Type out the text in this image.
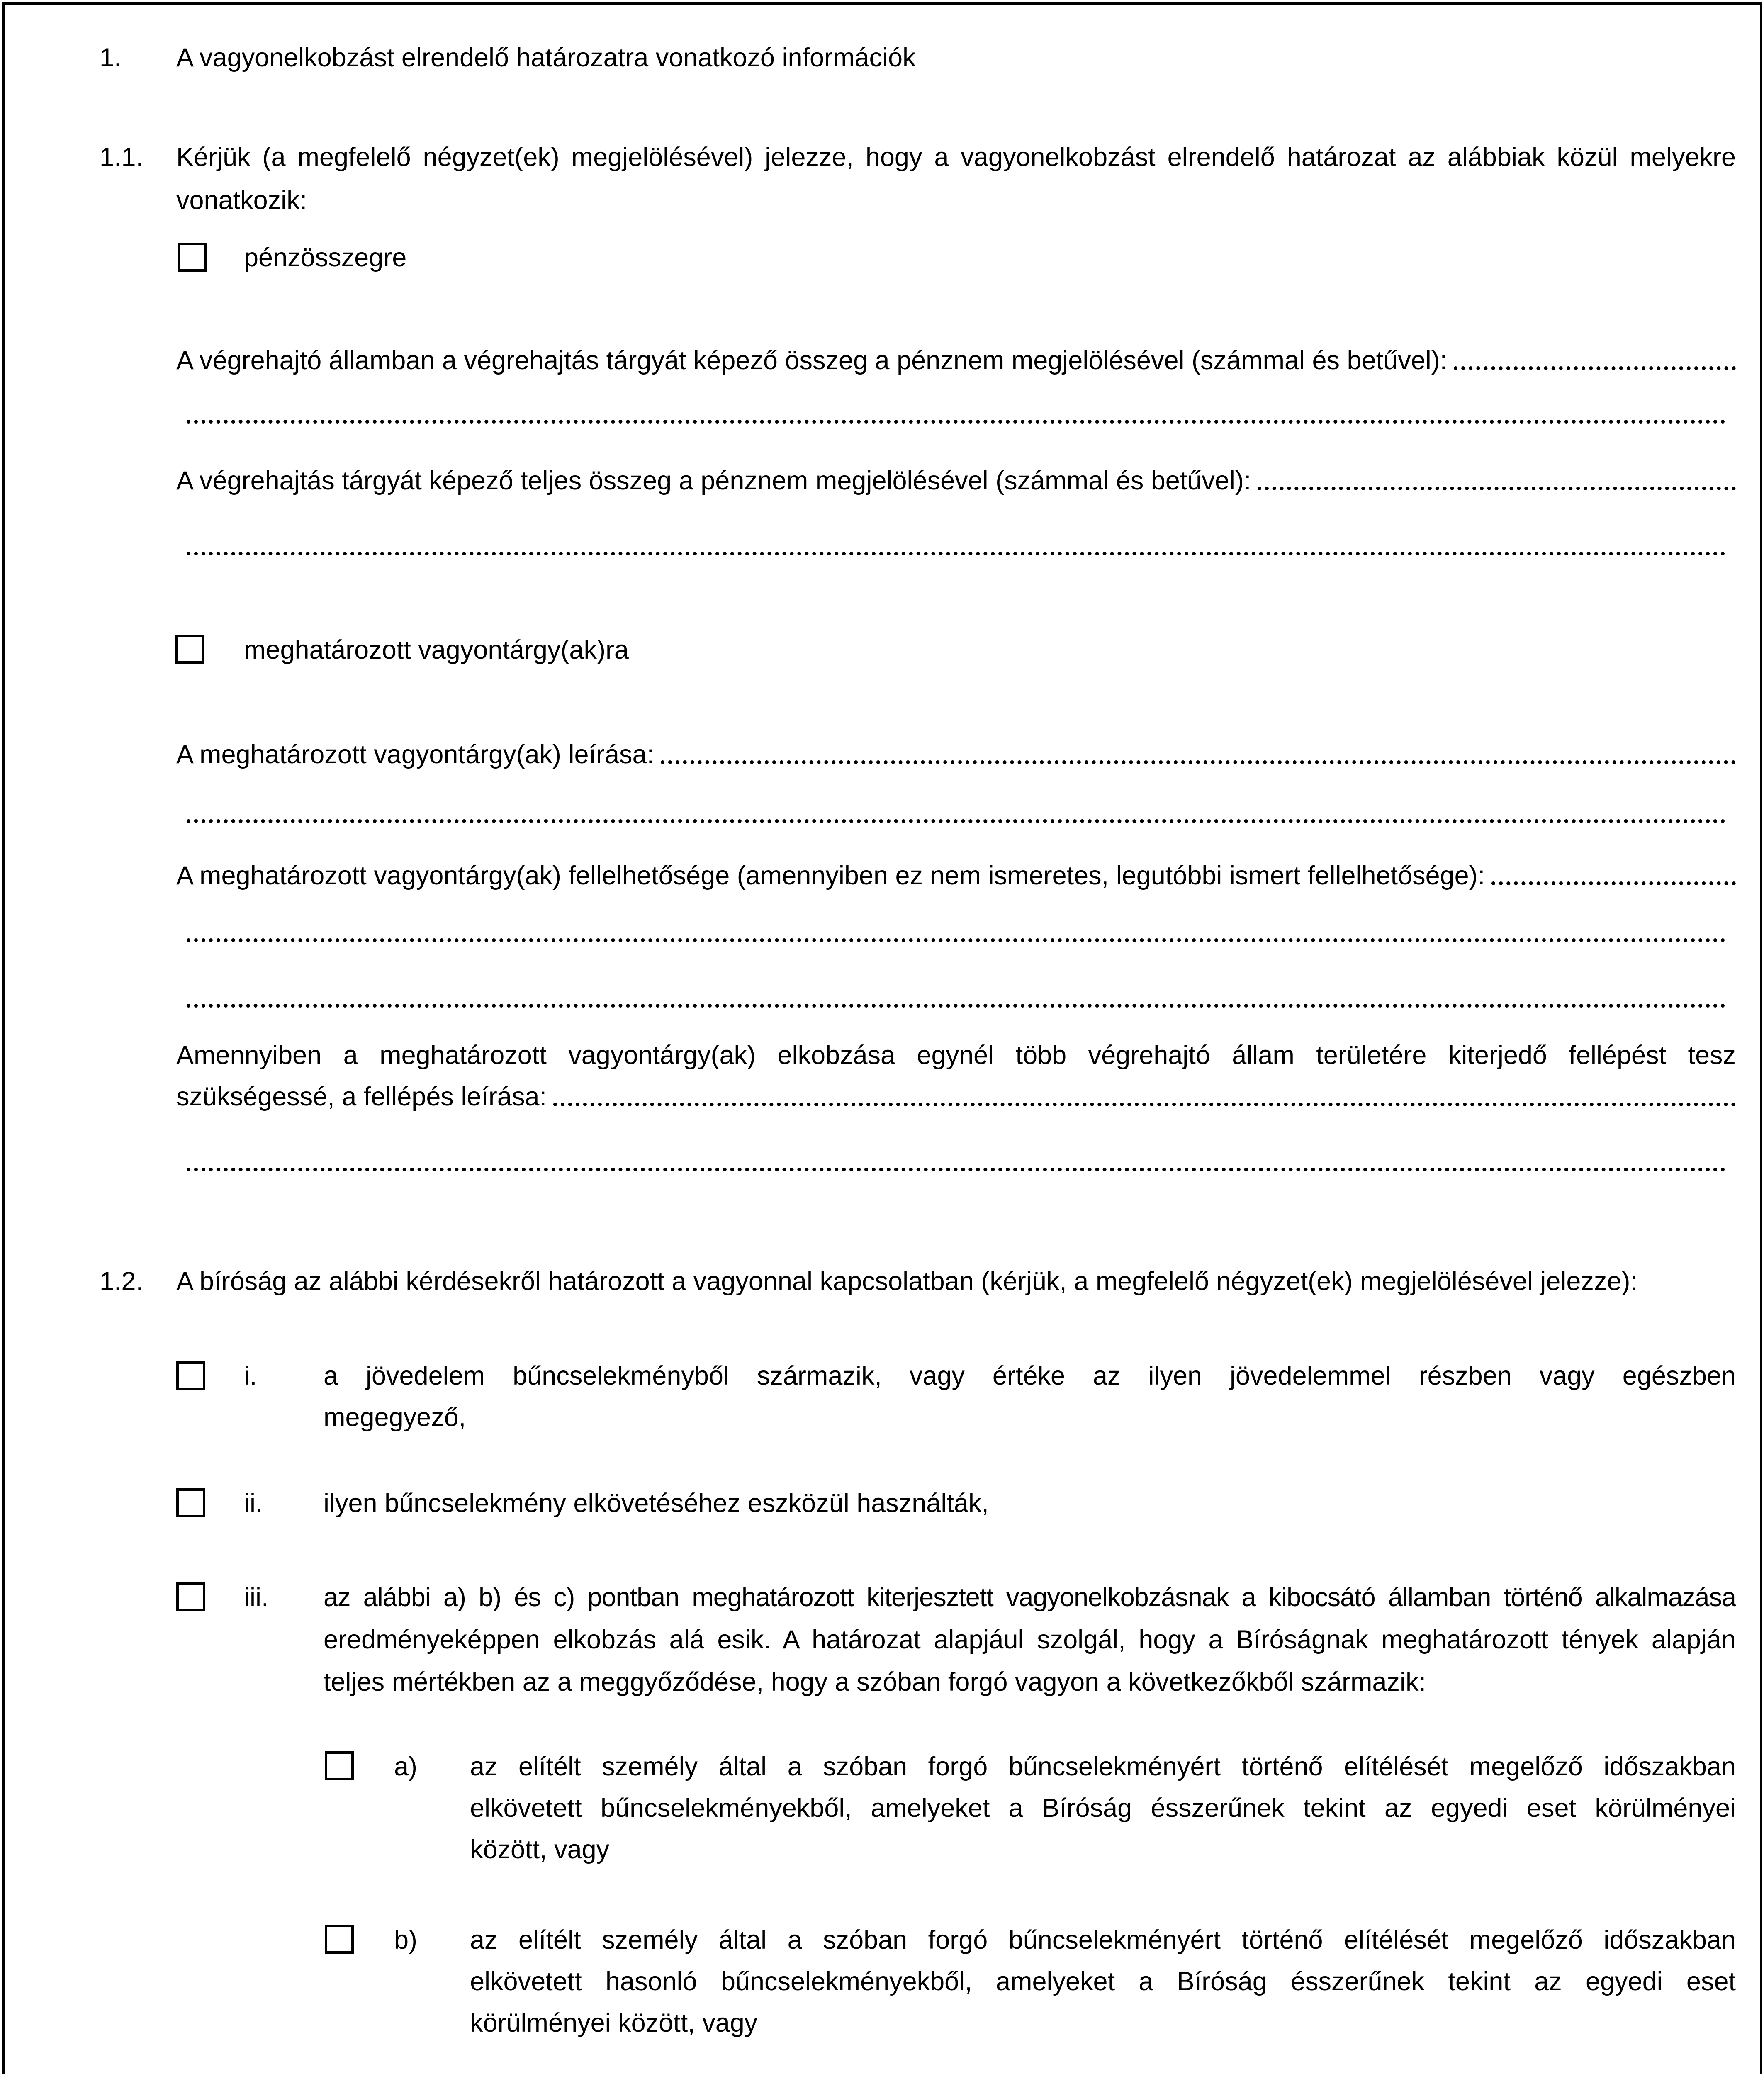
1. A vagyonelkobzást elrendelő határozatra vonatkozó információk
1.1. Kérjük (a megfelelő négyzet(ek) megjelölésével) jelezze, hogy a vagyonelkobzást elrendelő határozat az alábbiak közül melyekre
vonatkozik:
pénzösszegre
A végrehajtó államban a végrehajtás tárgyát képező összeg a pénznem megjelölésével (számmal és betűvel):
A végrehajtás tárgyát képező teljes összeg a pénznem megjelölésével (számmal és betűvel):
meghatározott vagyontárgy(ak)ra
A meghatározott vagyontárgy(ak) leírása:
A meghatározott vagyontárgy(ak) fellelhetősége (amennyiben ez nem ismeretes, legutóbbi ismert fellelhetősége):
Amennyiben a meghatározott vagyontárgy(ak) elkobzása egynél több végrehajtó állam területére kiterjedő fellépést tesz
szükségessé, a fellépés leírása:
1.2. A bíróság az alábbi kérdésekről határozott a vagyonnal kapcsolatban (kérjük, a megfelelő négyzet(ek) megjelölésével jelezze):
i.	a jövedelem bűncselekményből származik, vagy értéke az ilyen jövedelemmel részben vagy egészben
megegyező,
ii. ilyen bűncselekmény elkövetéséhez eszközül használták,
iii. az alábbi a) b) és c) pontban meghatározott kiterjesztett vagyonelkobzásnak a kibocsátó államban történő alkalmazása
eredményeképpen elkobzás alá esik. A határozat alapjául szolgál, hogy a Bíróságnak meghatározott tények alapján
teljes mértékben az a meggyőződése, hogy a szóban forgó vagyon a következőkből származik:
a) az elítélt személy által a szóban forgó bűncselekményért történő elítélését megelőző időszakban
elkövetett bűncselekményekből, amelyeket a Bíróság ésszerűnek tekint az egyedi eset körülményei
között, vagy
b) az elítélt személy által a szóban forgó bűncselekményért történő elítélését megelőző időszakban
elkövetett hasonló bűncselekményekből, amelyeket a Bíróság ésszerűnek tekint az egyedi eset
körülményei között, vagy
